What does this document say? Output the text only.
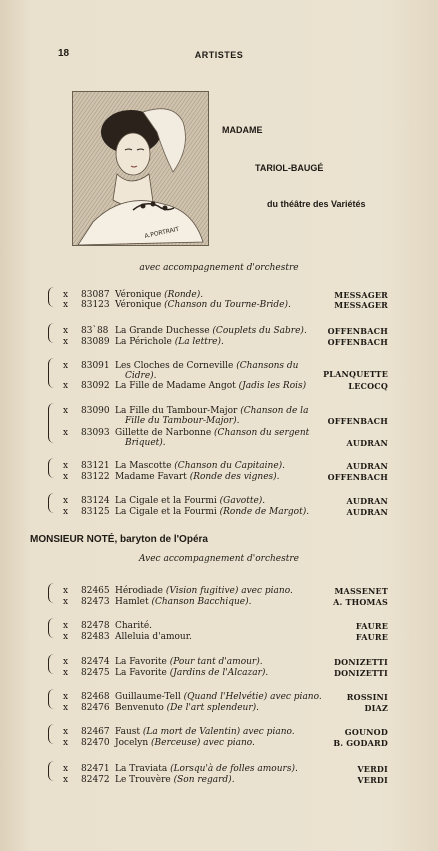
18	ARTISTES
A.PORTRAIT
MADAME
TARIOL-BAUGÉ
du théâtre des Variétés
avec accompagnement d'orchestre
x 83087 Véronique (Ronde).	MESSAGER
x 83123 Véronique (Chanson du Tourne-Bride).	MESSAGER
x 83`88 La Grande Duchesse (Couplets du Sabre).	OFFENBACH
x 83089 La Périchole (La lettre).	OFFENBACH
x 83091 Les Cloches de Corneville (Chansons du
Cidre).	PLANQUETTE
x 83092 La Fille de Madame Angot (Jadis les Rois)	LECOCQ
x 83090 La Fille du Tambour-Major (Chanson de la
Fille du Tambour-Major).	OFFENBACH
x 83093 Gillette de Narbonne (Chanson du sergent
Briquet).	AUDRAN
x 83121 La Mascotte (Chanson du Capitaine).	AUDRAN
x 83122 Madame Favart (Ronde des vignes).	OFFENBACH
x 83124 La Cigale et la Fourmi (Gavotte).	AUDRAN
x 83125 La Cigale et la Fourmi (Ronde de Margot).	AUDRAN
MONSIEUR NOTÉ, baryton de l'Opéra
Avec accompagnement d'orchestre
x 82465 Hérodiade (Vision fugitive) avec piano.	MASSENET
x 82473 Hamlet (Chanson Bacchique).	A. THOMAS
x 82478 Charité.	FAURE
x 82483 Alleluia d'amour.	FAURE
x 82474 La Favorite (Pour tant d'amour).	DONIZETTI
x 82475 La Favorite (Jardins de l'Alcazar).	DONIZETTI
x 82468 Guillaume-Tell (Quand l'Helvétie) avec piano.	ROSSINI
x 82476 Benvenuto (De l'art splendeur).	DIAZ
x 82467 Faust (La mort de Valentin) avec piano.	GOUNOD
x 82470 Jocelyn (Berceuse) avec piano.	B. GODARD
x 82471 La Traviata (Lorsqu'à de folles amours).	VERDI
x 82472 Le Trouvère (Son regard).	VERDI
